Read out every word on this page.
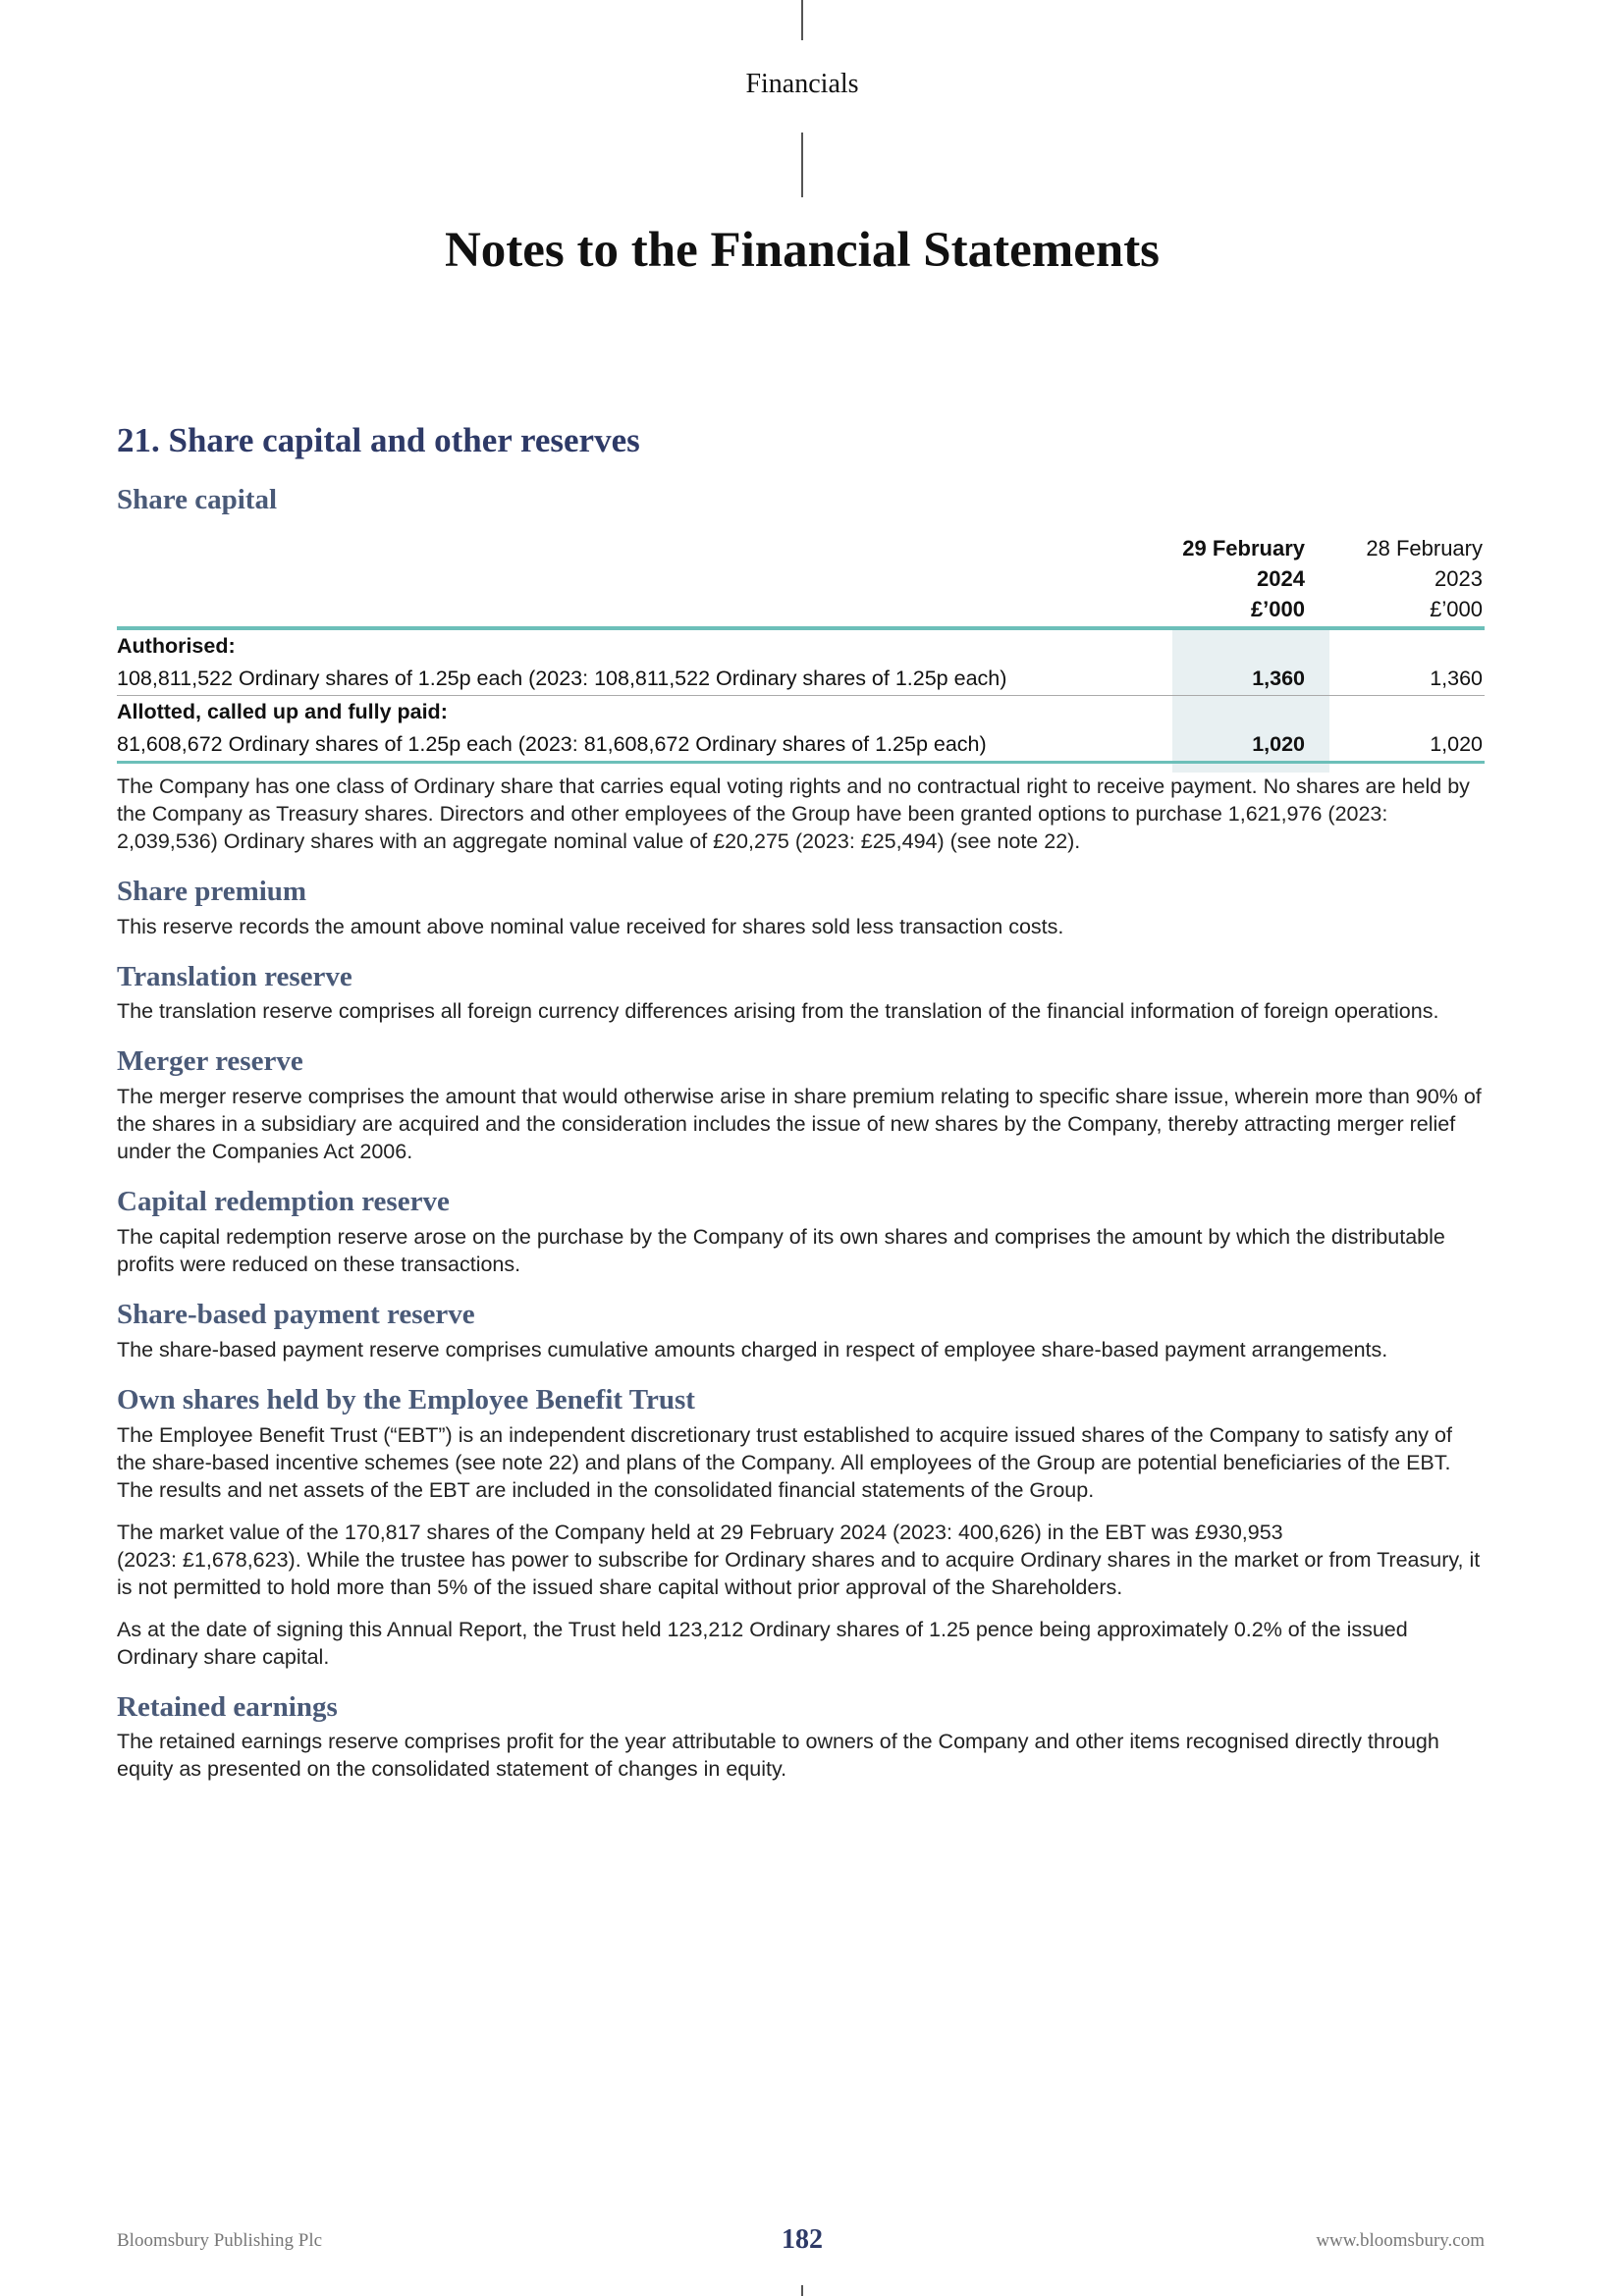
Financials
Notes to the Financial Statements
21. Share capital and other reserves
Share capital
29 February
2024
£’000
28 February
2023
£’000
Authorised:
108,811,522 Ordinary shares of 1.25p each (2023: 108,811,522 Ordinary shares of 1.25p each)	1,360	1,360
Allotted, called up and fully paid:
81,608,672 Ordinary shares of 1.25p each (2023: 81,608,672 Ordinary shares of 1.25p each)	1,020	1,020

The Company has one class of Ordinary share that carries equal voting rights and no contractual right to receive payment. No shares are held by the Company as Treasury shares. Directors and other employees of the Group have been granted options to purchase 1,621,976 (2023: 2,039,536) Ordinary shares with an aggregate nominal value of £20,275 (2023: £25,494) (see note 22).

Share premium

This reserve records the amount above nominal value received for shares sold less transaction costs.

Translation reserve

The translation reserve comprises all foreign currency differences arising from the translation of the financial information of foreign operations.

Merger reserve

The merger reserve comprises the amount that would otherwise arise in share premium relating to specific share issue, wherein more than 90% of the shares in a subsidiary are acquired and the consideration includes the issue of new shares by the Company, thereby attracting merger relief under the Companies Act 2006.

Capital redemption reserve

The capital redemption reserve arose on the purchase by the Company of its own shares and comprises the amount by which the distributable profits were reduced on these transactions.

Share-based payment reserve

The share-based payment reserve comprises cumulative amounts charged in respect of employee share-based payment arrangements.

Own shares held by the Employee Benefit Trust

The Employee Benefit Trust (“EBT”) is an independent discretionary trust established to acquire issued shares of the Company to satisfy any of the share-based incentive schemes (see note 22) and plans of the Company. All employees of the Group are potential beneficiaries of the EBT. The results and net assets of the EBT are included in the consolidated financial statements of the Group.

The market value of the 170,817 shares of the Company held at 29 February 2024 (2023: 400,626) in the EBT was £930,953
(2023: £1,678,623). While the trustee has power to subscribe for Ordinary shares and to acquire Ordinary shares in the market or from Treasury, it is not permitted to hold more than 5% of the issued share capital without prior approval of the Shareholders.

As at the date of signing this Annual Report, the Trust held 123,212 Ordinary shares of 1.25 pence being approximately 0.2% of the issued Ordinary share capital.

Retained earnings

The retained earnings reserve comprises profit for the year attributable to owners of the Company and other items recognised directly through equity as presented on the consolidated statement of changes in equity.

Bloomsbury Publishing Plc	182	www.bloomsbury.com
